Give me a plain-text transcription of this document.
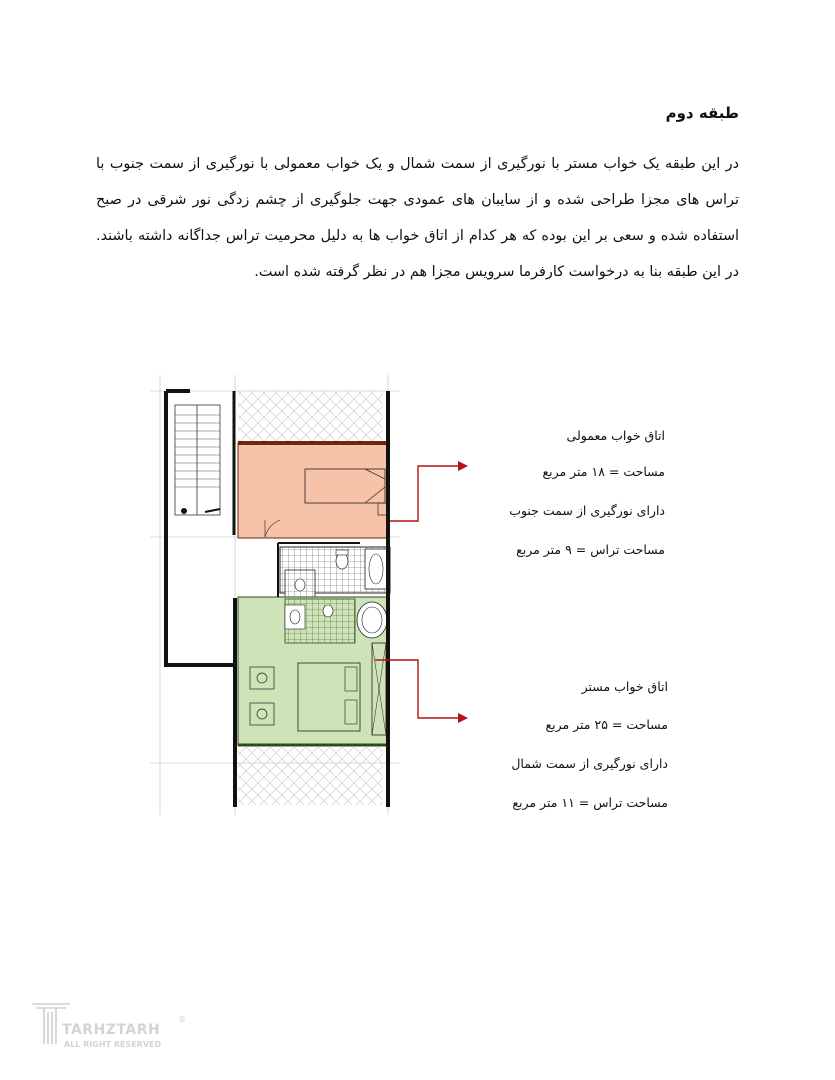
طبقه دوم
در این طبقه یک خواب مستر با نورگیری از سمت شمال و یک خواب معمولی با نورگیری از سمت جنوب با تراس های مجزا طراحی شده و از سایبان های عمودی جهت جلوگیری از چشم زدگی نور شرقی در صبح استفاده شده و سعی بر این بوده که هر کدام از اتاق خواب ها به دلیل محرمیت تراس جداگانه داشته باشند. در این طبقه بنا به درخواست کارفرما سرویس مجزا هم در نظر گرفته شده است.
اتاق خواب معمولی
مساحت = ۱۸ متر مربع
دارای نورگیری از سمت جنوب
مساحت تراس = ۹ متر مربع
اتاق خواب مستر
مساحت = ۲۵ متر مربع
دارای نورگیری از سمت شمال
مساحت تراس = ۱۱ متر مربع
TARHZTARH
®
ALL RIGHT RESERVED
